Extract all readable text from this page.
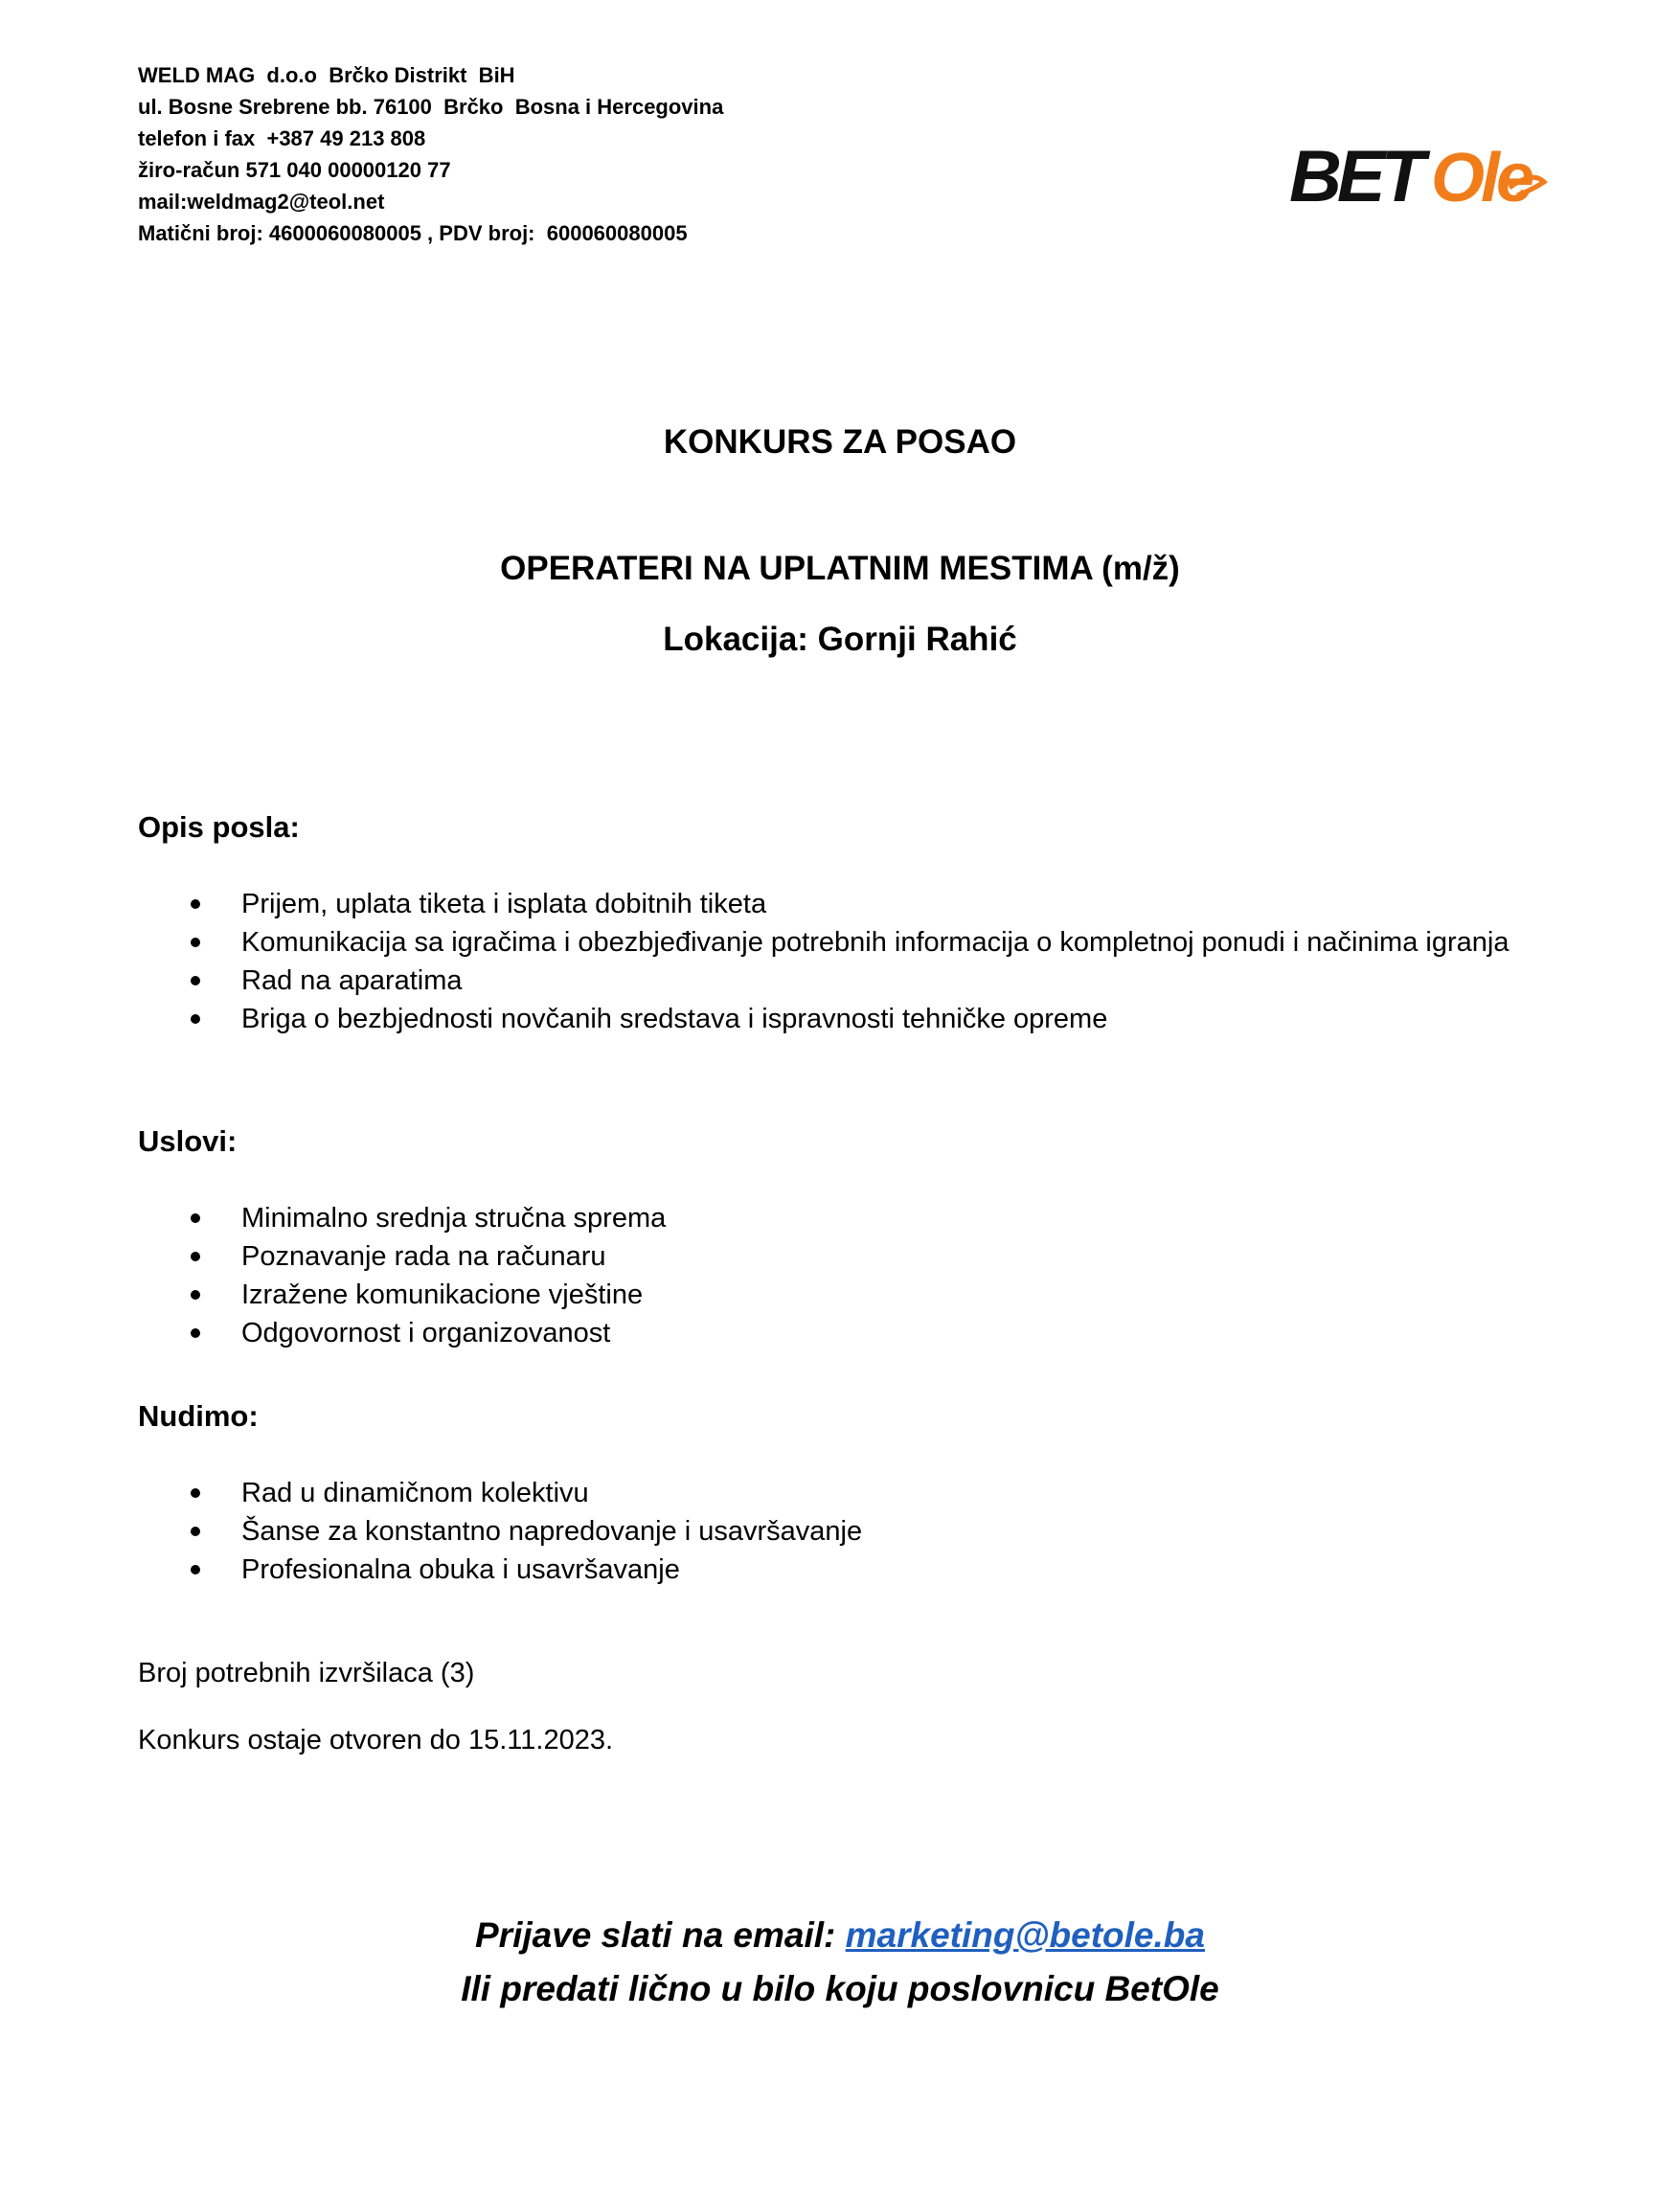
WELD MAG  d.o.o  Brčko Distrikt  BiH
ul. Bosne Srebrene bb. 76100  Brčko  Bosna i Hercegovina
telefon i fax  +387 49 213 808
žiro-račun 571 040 00000120 77
mail:weldmag2@teol.net
Matični broj: 4600060080005 , PDV broj:  600060080005
BET Ole
KONKURS ZA POSAO
OPERATERI NA UPLATNIM MESTIMA (m/ž)
Lokacija: Gornji Rahić

Opis posla:

Prijem, uplata tiketa i isplata dobitnih tiketa
Komunikacija sa igračima i obezbjeđivanje potrebnih informacija o kompletnoj ponudi i načinima igranja
Rad na aparatima
Briga o bezbjednosti novčanih sredstava i ispravnosti tehničke opreme

Uslovi:

Minimalno srednja stručna sprema
Poznavanje rada na računaru
Izražene komunikacione vještine
Odgovornost i organizovanost

Nudimo:

Rad u dinamičnom kolektivu
Šanse za konstantno napredovanje i usavršavanje
Profesionalna obuka i usavršavanje
Broj potrebnih izvršilaca (3)
Konkurs ostaje otvoren do 15.11.2023.
Prijave slati na email: marketing@betole.ba
Ili predati lično u bilo koju poslovnicu BetOle
